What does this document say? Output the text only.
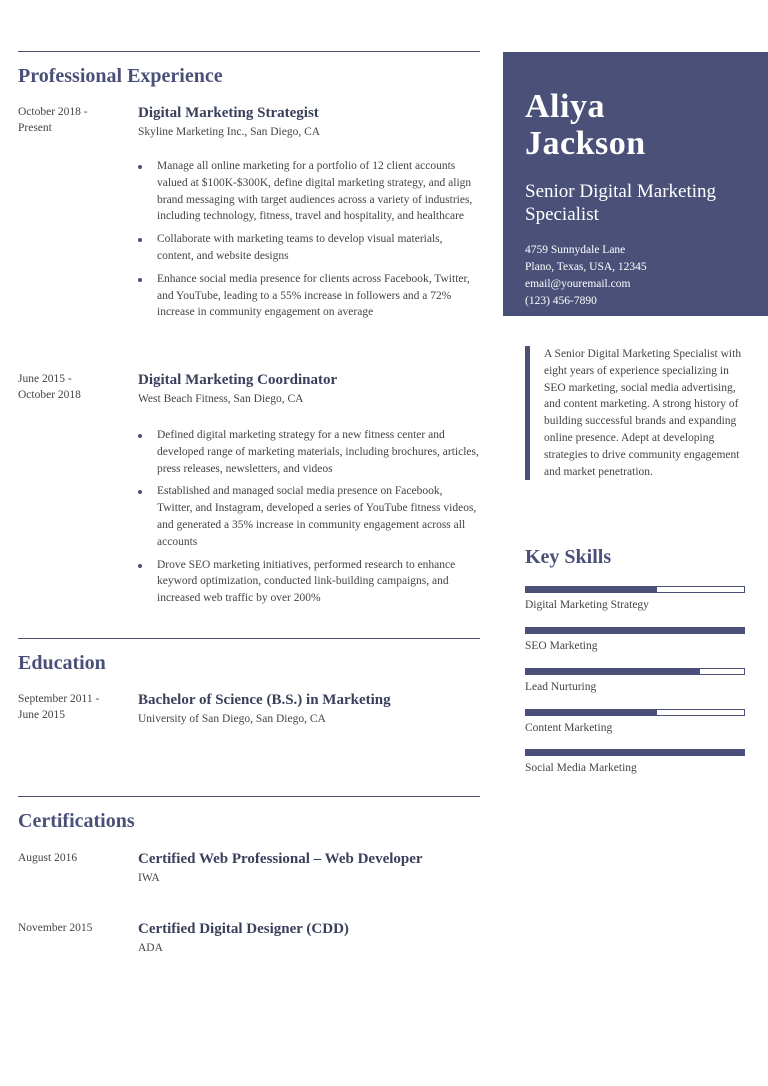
Professional Experience
October 2018 -
Present
Digital Marketing Strategist
Skyline Marketing Inc., San Diego, CA
Manage all online marketing for a portfolio of 12 client accounts valued at $100K-$300K, define digital marketing strategy, and align brand messaging with target audiences across a variety of industries, including technology, fitness, travel and hospitality, and healthcare
Collaborate with marketing teams to develop visual materials, content, and website designs
Enhance social media presence for clients across Facebook, Twitter, and YouTube, leading to a 55% increase in followers and a 72% increase in community engagement on average
June 2015 -
October 2018
Digital Marketing Coordinator
West Beach Fitness, San Diego, CA
Defined digital marketing strategy for a new fitness center and developed range of marketing materials, including brochures, articles, press releases, newsletters, and videos
Established and managed social media presence on Facebook, Twitter, and Instagram, developed a series of YouTube fitness videos, and generated a 35% increase in community engagement across all accounts
Drove SEO marketing initiatives, performed research to enhance keyword optimization, conducted link-building campaigns, and increased web traffic by over 200%
Education
September 2011 -
June 2015
Bachelor of Science (B.S.) in Marketing
University of San Diego, San Diego, CA
Certifications
August 2016	Certified Web Professional – Web Developer
IWA
November 2015	Certified Digital Designer (CDD)
ADA
Aliya
Jackson
Senior Digital Marketing
Specialist
4759 Sunnydale Lane
Plano, Texas, USA, 12345
email@youremail.com
(123) 456-7890
A Senior Digital Marketing Specialist with eight years of experience specializing in SEO marketing, social media advertising, and content marketing. A strong history of building successful brands and expanding online presence. Adept at developing strategies to drive community engagement and market penetration.
Key Skills
Digital Marketing Strategy
SEO Marketing
Lead Nurturing
Content Marketing
Social Media Marketing
